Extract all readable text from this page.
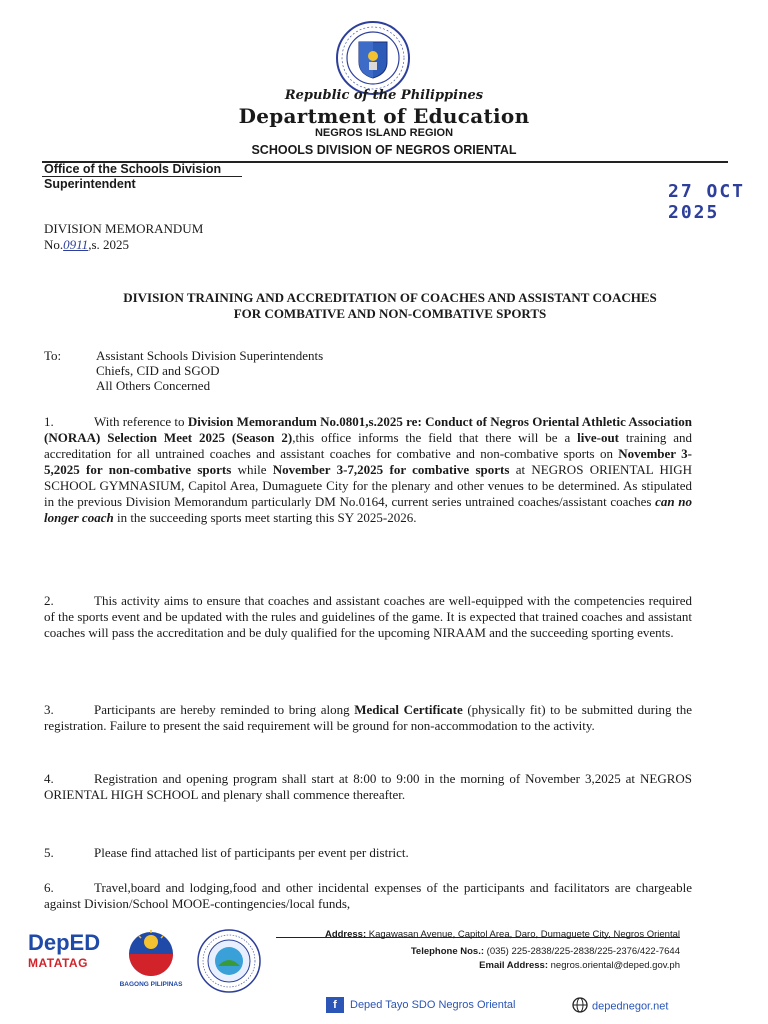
Republic of the Philippines
Department of Education
NEGROS ISLAND REGION
SCHOOLS DIVISION OF NEGROS ORIENTAL
Office of the Schools Division
Superintendent	27 OCT 2025
DIVISION MEMORANDUM
No.0911,s. 2025
DIVISION TRAINING AND ACCREDITATION OF COACHES AND ASSISTANT COACHES
FOR COMBATIVE AND NON-COMBATIVE SPORTS
To:	Assistant Schools Division Superintendents
Chiefs, CID and SGOD
All Others Concerned
1.	With reference to Division Memorandum No.0801,s.2025 re: Conduct of Negros Oriental Athletic Association (NORAA) Selection Meet 2025 (Season 2),this office informs the field that there will be a live-out training and accreditation for all untrained coaches and assistant coaches for combative and non-combative sports on November 3-5,2025 for non-combative sports while November 3-7,2025 for combative sports at NEGROS ORIENTAL HIGH SCHOOL GYMNASIUM, Capitol Area, Dumaguete City for the plenary and other venues to be determined. As stipulated in the previous Division Memorandum particularly DM No.0164, current series untrained coaches/assistant coaches can no longer coach in the succeeding sports meet starting this SY 2025-2026.
2.	This activity aims to ensure that coaches and assistant coaches are well-equipped with the competencies required of the sports event and be updated with the rules and guidelines of the game. It is expected that trained coaches and assistant coaches will pass the accreditation and be duly qualified for the upcoming NIRAAM and the succeeding sporting events.
3.	Participants are hereby reminded to bring along Medical Certificate (physically fit) to be submitted during the registration. Failure to present the said requirement will be ground for non-accommodation to the activity.
4.	Registration and opening program shall start at 8:00 to 9:00 in the morning of November 3,2025 at NEGROS ORIENTAL HIGH SCHOOL and plenary shall commence thereafter.
5.	Please find attached list of participants per event per district.
6.	Travel,board and lodging,food and other incidental expenses of the participants and facilitators are chargeable against Division/School MOOE-contingencies/local funds,
DepED
MATATAG
BAGONG PILIPINAS
Address: Kagawasan Avenue, Capitol Area, Daro, Dumaguete City, Negros Oriental
Telephone Nos.: (035) 225-2838/225-2838/225-2376/422-7644
Email Address: negros.oriental@deped.gov.ph
f Deped Tayo SDO Negros Oriental	depednegor.net
